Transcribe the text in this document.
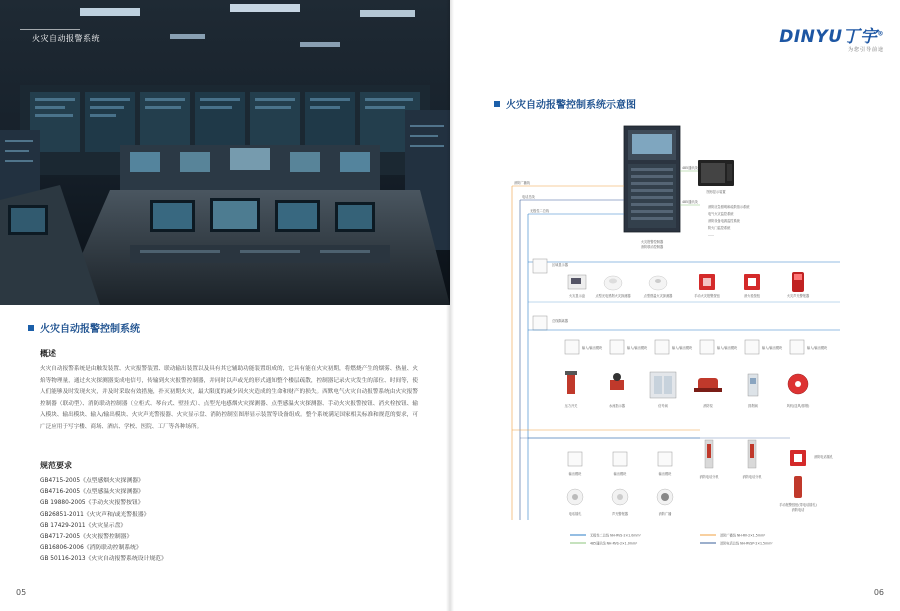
火灾自动报警系统
火灾自动报警控制系统
概述
火灾自动报警系统是由触发装置、火灾报警装置、联动输出装置以及具有其它辅助功能装置组成的，它具有能在火灾初期，将燃烧产生的烟雾、热量、火焰等物理量，通过火灾探测器变成电信号，传输到火灾报警控制器，并同时以声或光的形式通知整个楼层疏散，控制器记录火灾发生的部位、时间等，使人们能够及时发现火灾，并及时采取有效措施，扑灭初期火灾，最大限度的减少因火灾造成的生命和财产的损失。西默电气火灾自动报警系统由火灾报警控制器（联动型）、消防联动控制器（立柜式、琴台式、壁挂式）、点型光电感烟火灾探测器、点型感温火灾探测器、手动火灾报警按钮、消火栓按钮、输入模块、输出模块、输入/输出模块、火灾声光警报器、火灾显示盘、消防控制室图形显示装置等设备组成。整个系统满足国家相关标准和规范的要求，可广泛应用于写字楼、商场、酒店、学校、医院、工厂等各种场所。
规范要求
GB4715-2005《点型感烟火灾探测器》
GB4716-2005《点型感温火灾探测器》
GB 19880-2005《手动火灾报警按钮》
GB26851-2011《火灾声和/或光警报器》
GB 17429-2011《火灾显示盘》
GB4717-2005《火灾报警控制器》
GB16806-2006《消防联动控制系统》
GB 50116-2013《火灾自动报警系统设计规范》
05
DINYU丁宇®
为您引导前途
火灾自动报警控制系统示意图
火灾报警控制器
消防联动控制器
图形显示装置
485通讯线
485通讯线
消防应急照明和疏散指示系统
电气火灾监控系统
消防设备电源监控系统
防火门监控系统
......
消防广播线
电话总线
无极性二总线
区域显示器
火灾显示盘	点型光电感烟火灾探测器	点型感温火灾探测器	手动火灾报警按钮	消火栓按钮	火灾声光警报器
总线隔离器
输入/输出模块	输入/输出模块	输入/输出模块	输入/输出模块	输入/输出模块	输入/输出模块
压力开关	水流指示器	信号阀	消防泵	排烟阀	风机(送风/排烟)
输出模块	输出模块	输出模块
电话插孔	声光警报器	消防广播
消防电话分机	消防电话分机
消防电话插孔
手动报警按钮(带电话插孔)
消防电话
无极性二总线 NH-RVS-2×1.0mm²	消防广播线 NH-RV-2×1.5mm²
485通讯线 NH-RVS-2×1.0mm²	消防电话总线 NH-RVSP-2×1.5mm²
06
